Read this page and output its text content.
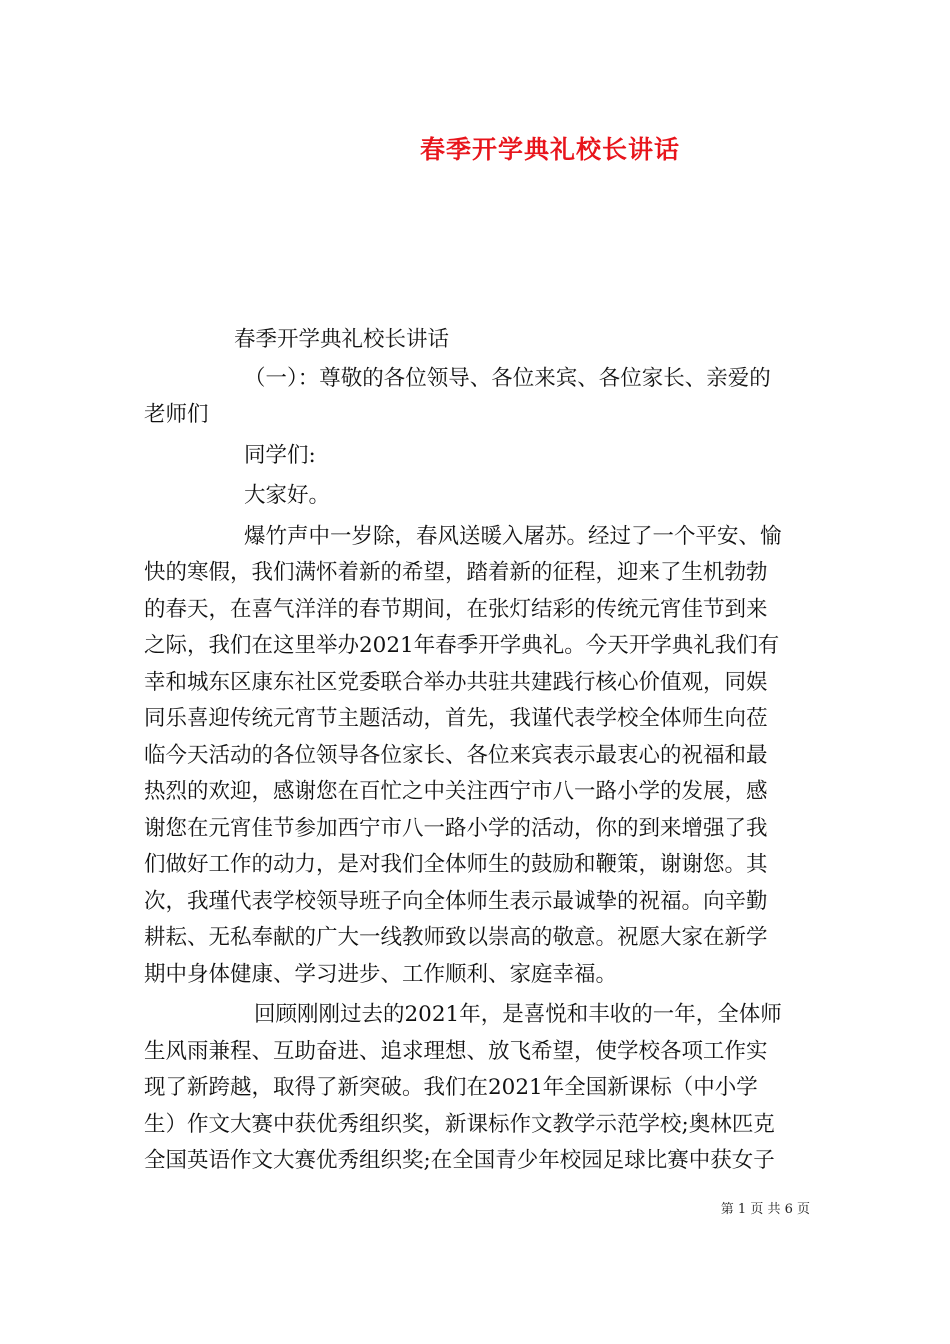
春季开学典礼校长讲话

春季开学典礼校长讲话

（一）：尊敬的各位领导、各位来宾、各位家长、亲爱的
老师们

同学们:

大家好。

爆竹声中一岁除，春风送暖入屠苏。经过了一个平安、愉
快的寒假，我们满怀着新的希望，踏着新的征程，迎来了生机勃勃
的春天，在喜气洋洋的春节期间，在张灯结彩的传统元宵佳节到来
之际，我们在这里举办2021年春季开学典礼。今天开学典礼我们有
幸和城东区康东社区党委联合举办共驻共建践行核心价值观，同娱
同乐喜迎传统元宵节主题活动，首先，我谨代表学校全体师生向莅
临今天活动的各位领导各位家长、各位来宾表示最衷心的祝福和最
热烈的欢迎，感谢您在百忙之中关注西宁市八一路小学的发展，感
谢您在元宵佳节参加西宁市八一路小学的活动，你的到来增强了我
们做好工作的动力，是对我们全体师生的鼓励和鞭策，谢谢您。其
次，我瑾代表学校领导班子向全体师生表示最诚挚的祝福。向辛勤
耕耘、无私奉献的广大一线教师致以崇高的敬意。祝愿大家在新学
期中身体健康、学习进步、工作顺利、家庭幸福。

回顾刚刚过去的2021年，是喜悦和丰收的一年，全体师
生风雨兼程、互助奋进、追求理想、放飞希望，使学校各项工作实
现了新跨越，取得了新突破。我们在2021年全国新课标（中小学
生）作文大赛中获优秀组织奖，新课标作文教学示范学校;奥林匹克
全国英语作文大赛优秀组织奖;在全国青少年校园足球比赛中获女子

第 1 页 共 6 页
